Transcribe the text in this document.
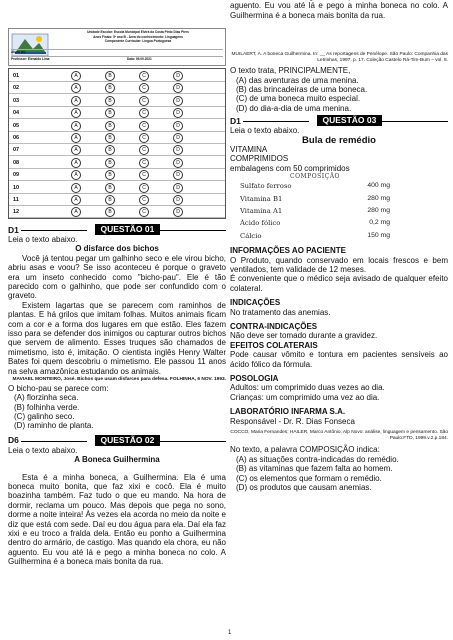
Unidade Escolar: Escola Municipal Elvira da Costa Pinto Dias Pires
Anos Finais: 5º ano B - Área do conhecimento: Linguagens
Componente Curricular: Língua Portuguesa
Aluno (a):
Professor: Elenaldo Lima	Data: 09.09.2021
01	A	B	C	D
02	A	B	C	D
03	A	B	C	D
04	A	B	C	D
05	A	B	C	D
06	A	B	C	D
07	A	B	C	D
08	A	B	C	D
09	A	B	C	D
10	A	B	C	D
11	A	B	C	D
12	A	B	C	D
D1	QUESTÃO 01
Leia o texto abaixo.
O disfarce dos bichos
Você já tentou pegar um galhinho seco e ele virou bicho, abriu asas e voou? Se isso aconteceu é porque o graveto era um inseto conhecido como "bicho-pau". Ele é tão parecido com o galhinho, que pode ser confundido com o graveto.
Existem lagartas que se parecem com raminhos de plantas. E há grilos que imitam folhas. Muitos animais ficam com a cor e a forma dos lugares em que estão. Eles fazem isso para se defender dos inimigos ou capturar outros bichos que servem de alimento. Esses truques são chamados de mimetismo, isto é, imitação. O cientista inglês Henry Walter Bates foi quem descobriu o mimetismo. Ele passou 11 anos na selva amazônica estudando os animais.
MAVIAEL MONTEIRO, José. Bichos que usam disfarces para defesa. FOLHINHA, 6 NOV. 1993.
O bicho-pau se parece com:
(A) florzinha seca.
(B) folhinha verde.
(C) galinho seco.
(D) raminho de planta.
D6	QUESTÃO 02
Leia o texto abaixo.
A Boneca Guilhermina
Esta é a minha boneca, a Guilhermina. Ela é uma boneca muito bonita, que faz xixi e cocô. Ela é muito boazinha também. Faz tudo o que eu mando. Na hora de dormir, reclama um pouco. Mas depois que pega no sono, dorme a noite inteira! Às vezes ela acorda no meio da noite e diz que está com sede. Daí eu dou água para ela. Daí ela faz xixi e eu troco a fralda dela. Então eu ponho a Guilhermina dentro do armário, de castigo. Mas quando ela chora, eu não aguento. Eu vou até lá e pego a minha boneca no colo. A Guilhermina é a boneca mais bonita da rua.
aguento. Eu vou até lá e pego a minha boneca no colo. A Guilhermina é a boneca mais bonita da rua.
MUILAERT, A. A boneca Guilhermina. In: __ As reportagens de Penélope. São Paulo: Companhia das Letrinhas, 1997. p. 17. Coleção Castelo Rá-Tim-Bum – vol. 8.
O texto trata, PRINCIPALMENTE,
(A) das aventuras de uma menina.
(B) das brincadeiras de uma boneca.
(C) de uma boneca muito especial.
(D) do dia-a-dia de uma menina.
D1	QUESTÃO 03
Leia o texto abaixo.
Bula de remédio
VITAMINA
COMPRIMIDOS
embalagens com 50 comprimidos
COMPOSIÇÃO
Sulfato ferroso	400 mg
Vitamina B1	280 mg
Vitamina A1	280 mg
Ácido fólico	0,2 mg
Cálcio	150 mg
INFORMAÇÕES AO PACIENTE
O Produto, quando conservado em locais frescos e bem ventilados, tem validade de 12 meses.
É conveniente que o médico seja avisado de qualquer efeito colateral.
INDICAÇÕES
No tratamento das anemias.
CONTRA-INDICAÇÕES
Não deve ser tomado durante a gravidez.
EFEITOS COLATERAIS
Pode causar vômito e tontura em pacientes sensíveis ao ácido fólico da fórmula.
POSOLOGIA
Adultos: um comprimido duas vezes ao dia.
Crianças: um comprimido uma vez ao dia.
LABORATÓRIO INFARMA S.A.
Responsável - Dr. R. Dias Fonseca
COCCO, Maria Fernandes; HAILER, Marco Antônio. Alp Novo: análise, linguagem e pensamento. São Paulo:FTD, 1999.v.2.p.184.
No texto, a palavra COMPOSIÇÃO indica:
(A) as situações contra-indicadas do remédio.
(B) as vitaminas que fazem falta ao homem.
(C) os elementos que formam o remédio.
(D) os produtos que causam anemias.
1
